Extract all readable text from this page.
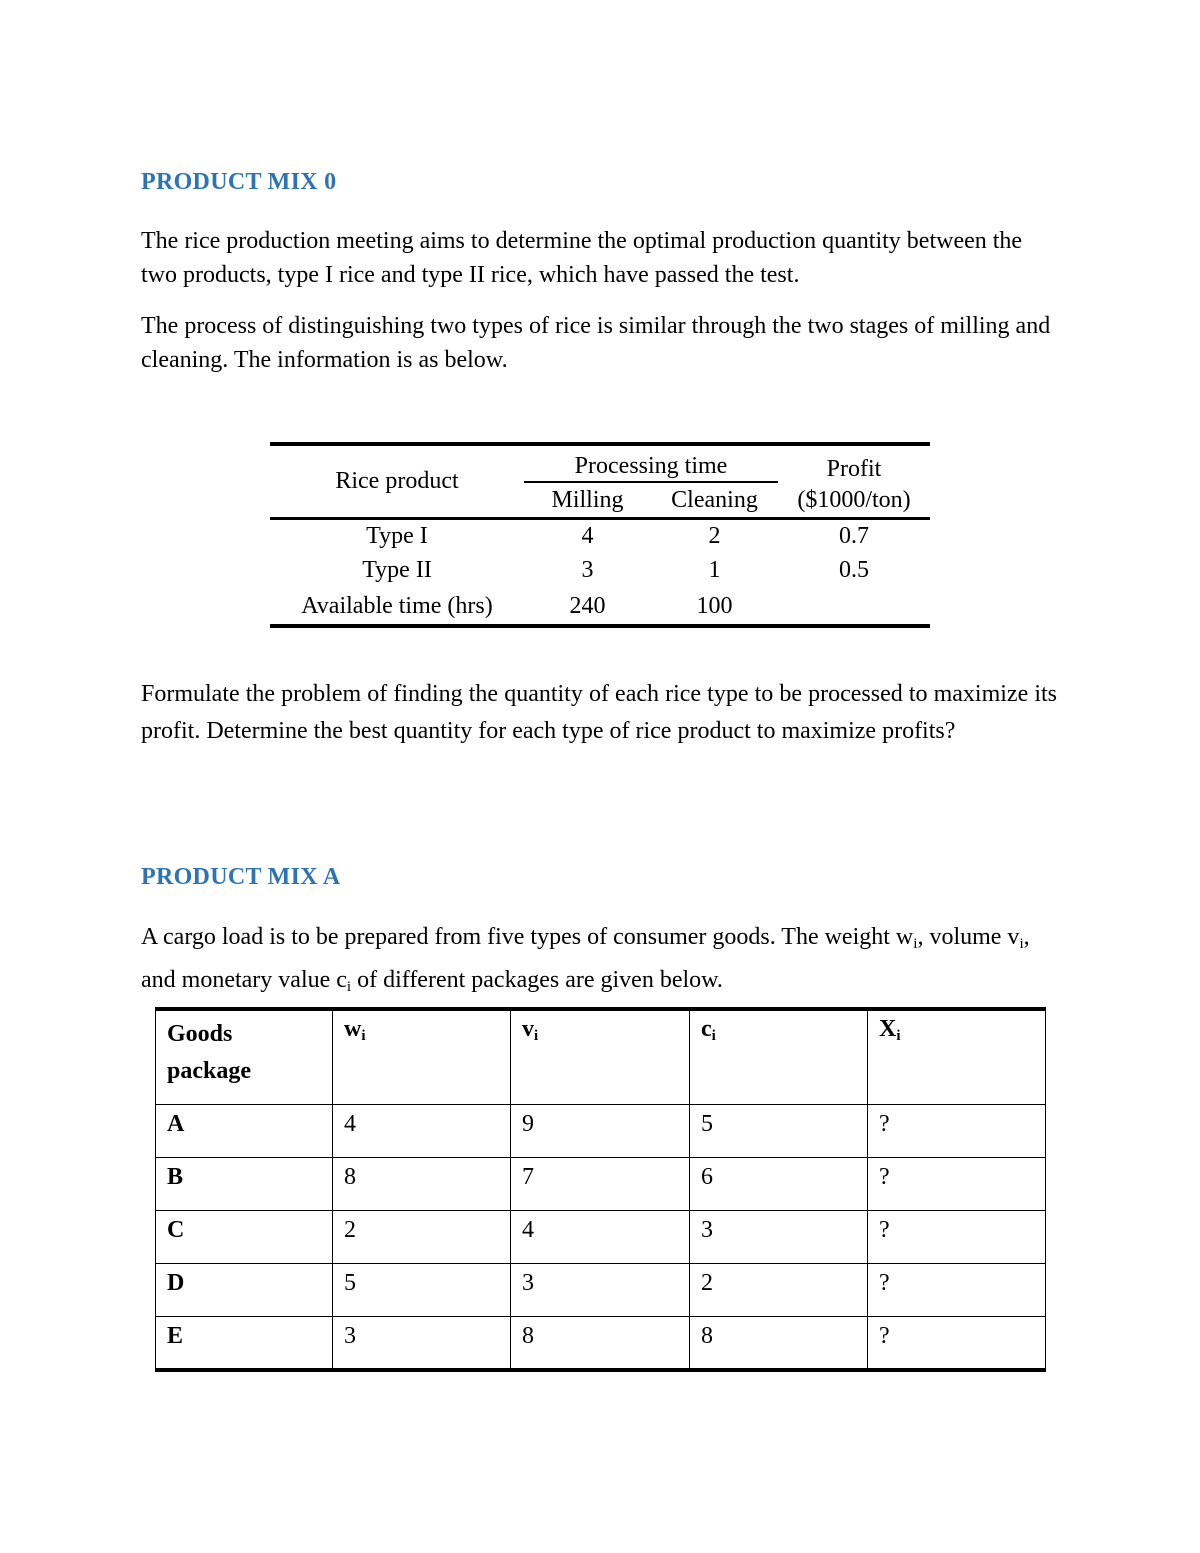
PRODUCT MIX 0

The rice production meeting aims to determine the optimal production quantity between the two products, type I rice and type II rice, which have passed the test.

The process of distinguishing two types of rice is similar through the two stages of milling and cleaning. The information is as below.

Rice product	Processing time		Profit
	Milling	Cleaning	($1000/ton)
Type I	4	2	0.7
Type II	3	1	0.5
Available time (hrs)	240	100	

Formulate the problem of finding the quantity of each rice type to be processed to maximize its profit. Determine the best quantity for each type of rice product to maximize profits?

PRODUCT MIX A

A cargo load is to be prepared from five types of consumer goods. The weight $w_i$, volume $v_i$, and monetary value $c_i$ of different packages are given below.

Goods
package	$w_i$	$v_i$	$c_i$	$X_i$
A	4	9	5	?
B	8	7	6	?
C	2	4	3	?
D	5	3	2	?
E	3	8	8	?
